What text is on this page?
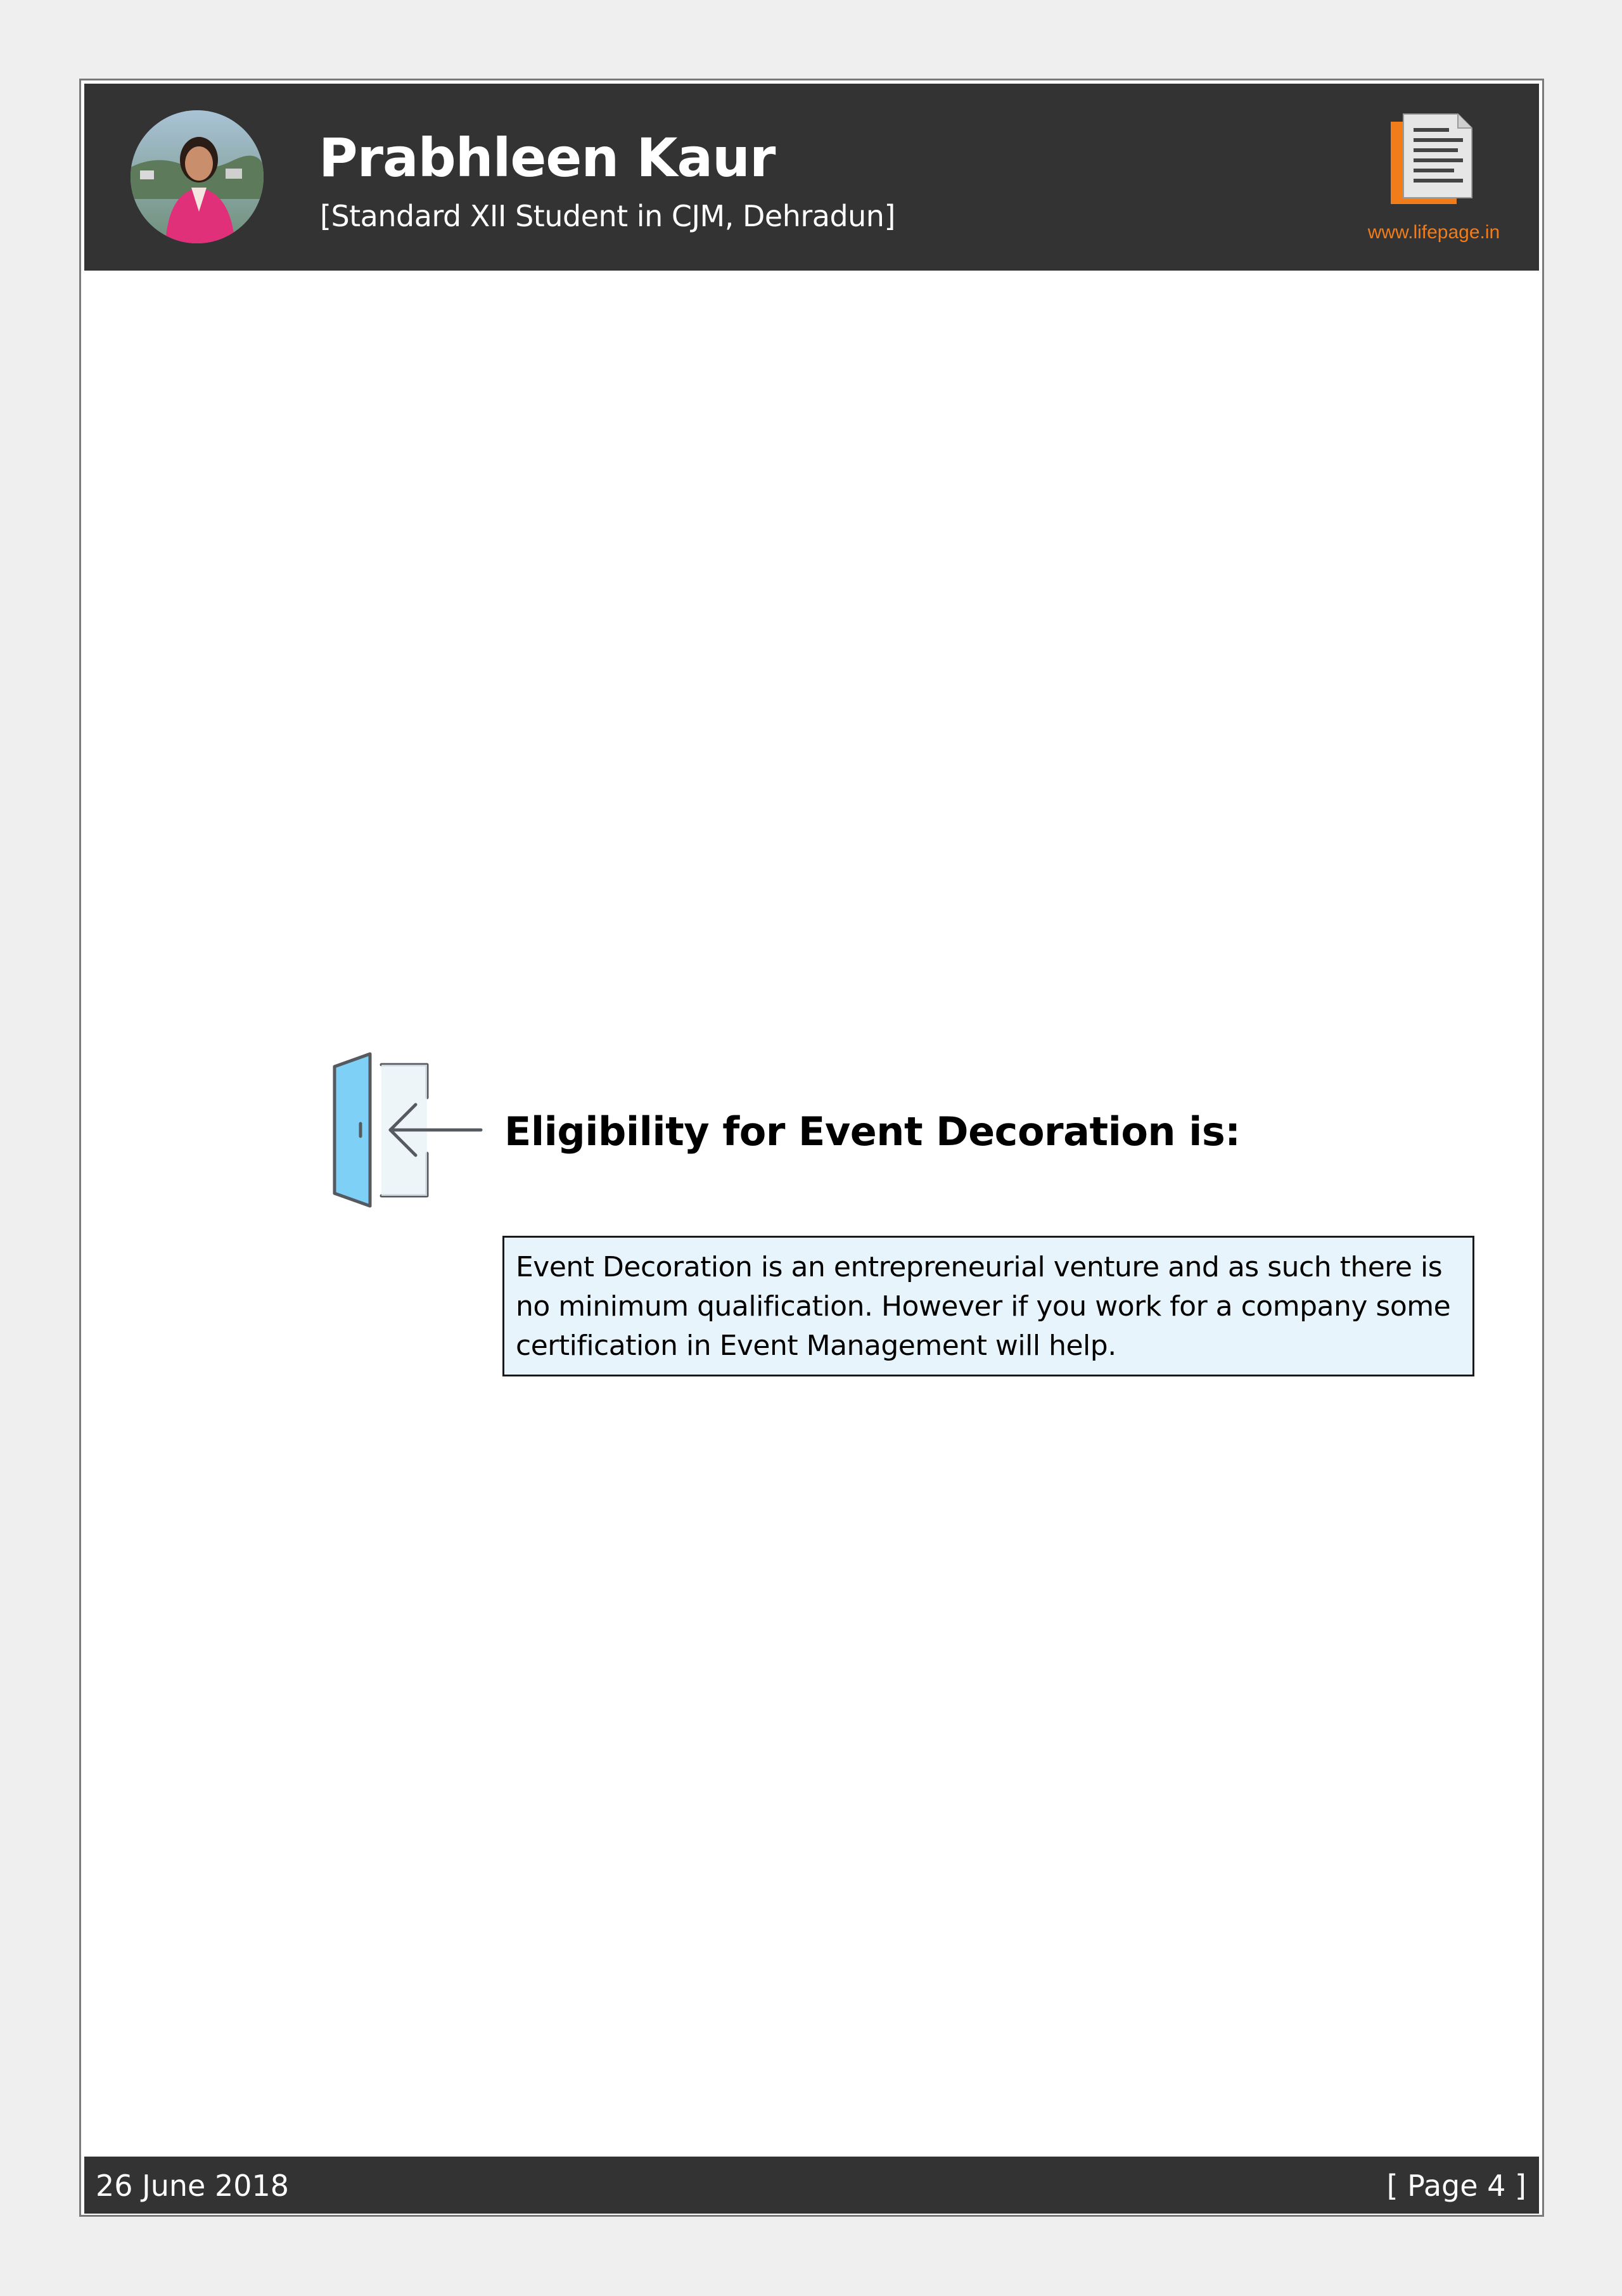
Prabhleen Kaur
[Standard XII Student in CJM, Dehradun]	www.lifepage.in
Eligibility for Event Decoration is:

Event Decoration is an entrepreneurial venture and as such there is no minimum qualification. However if you work for a company some certification in Event Management will help.

26 June 2018	[ Page 4 ]
